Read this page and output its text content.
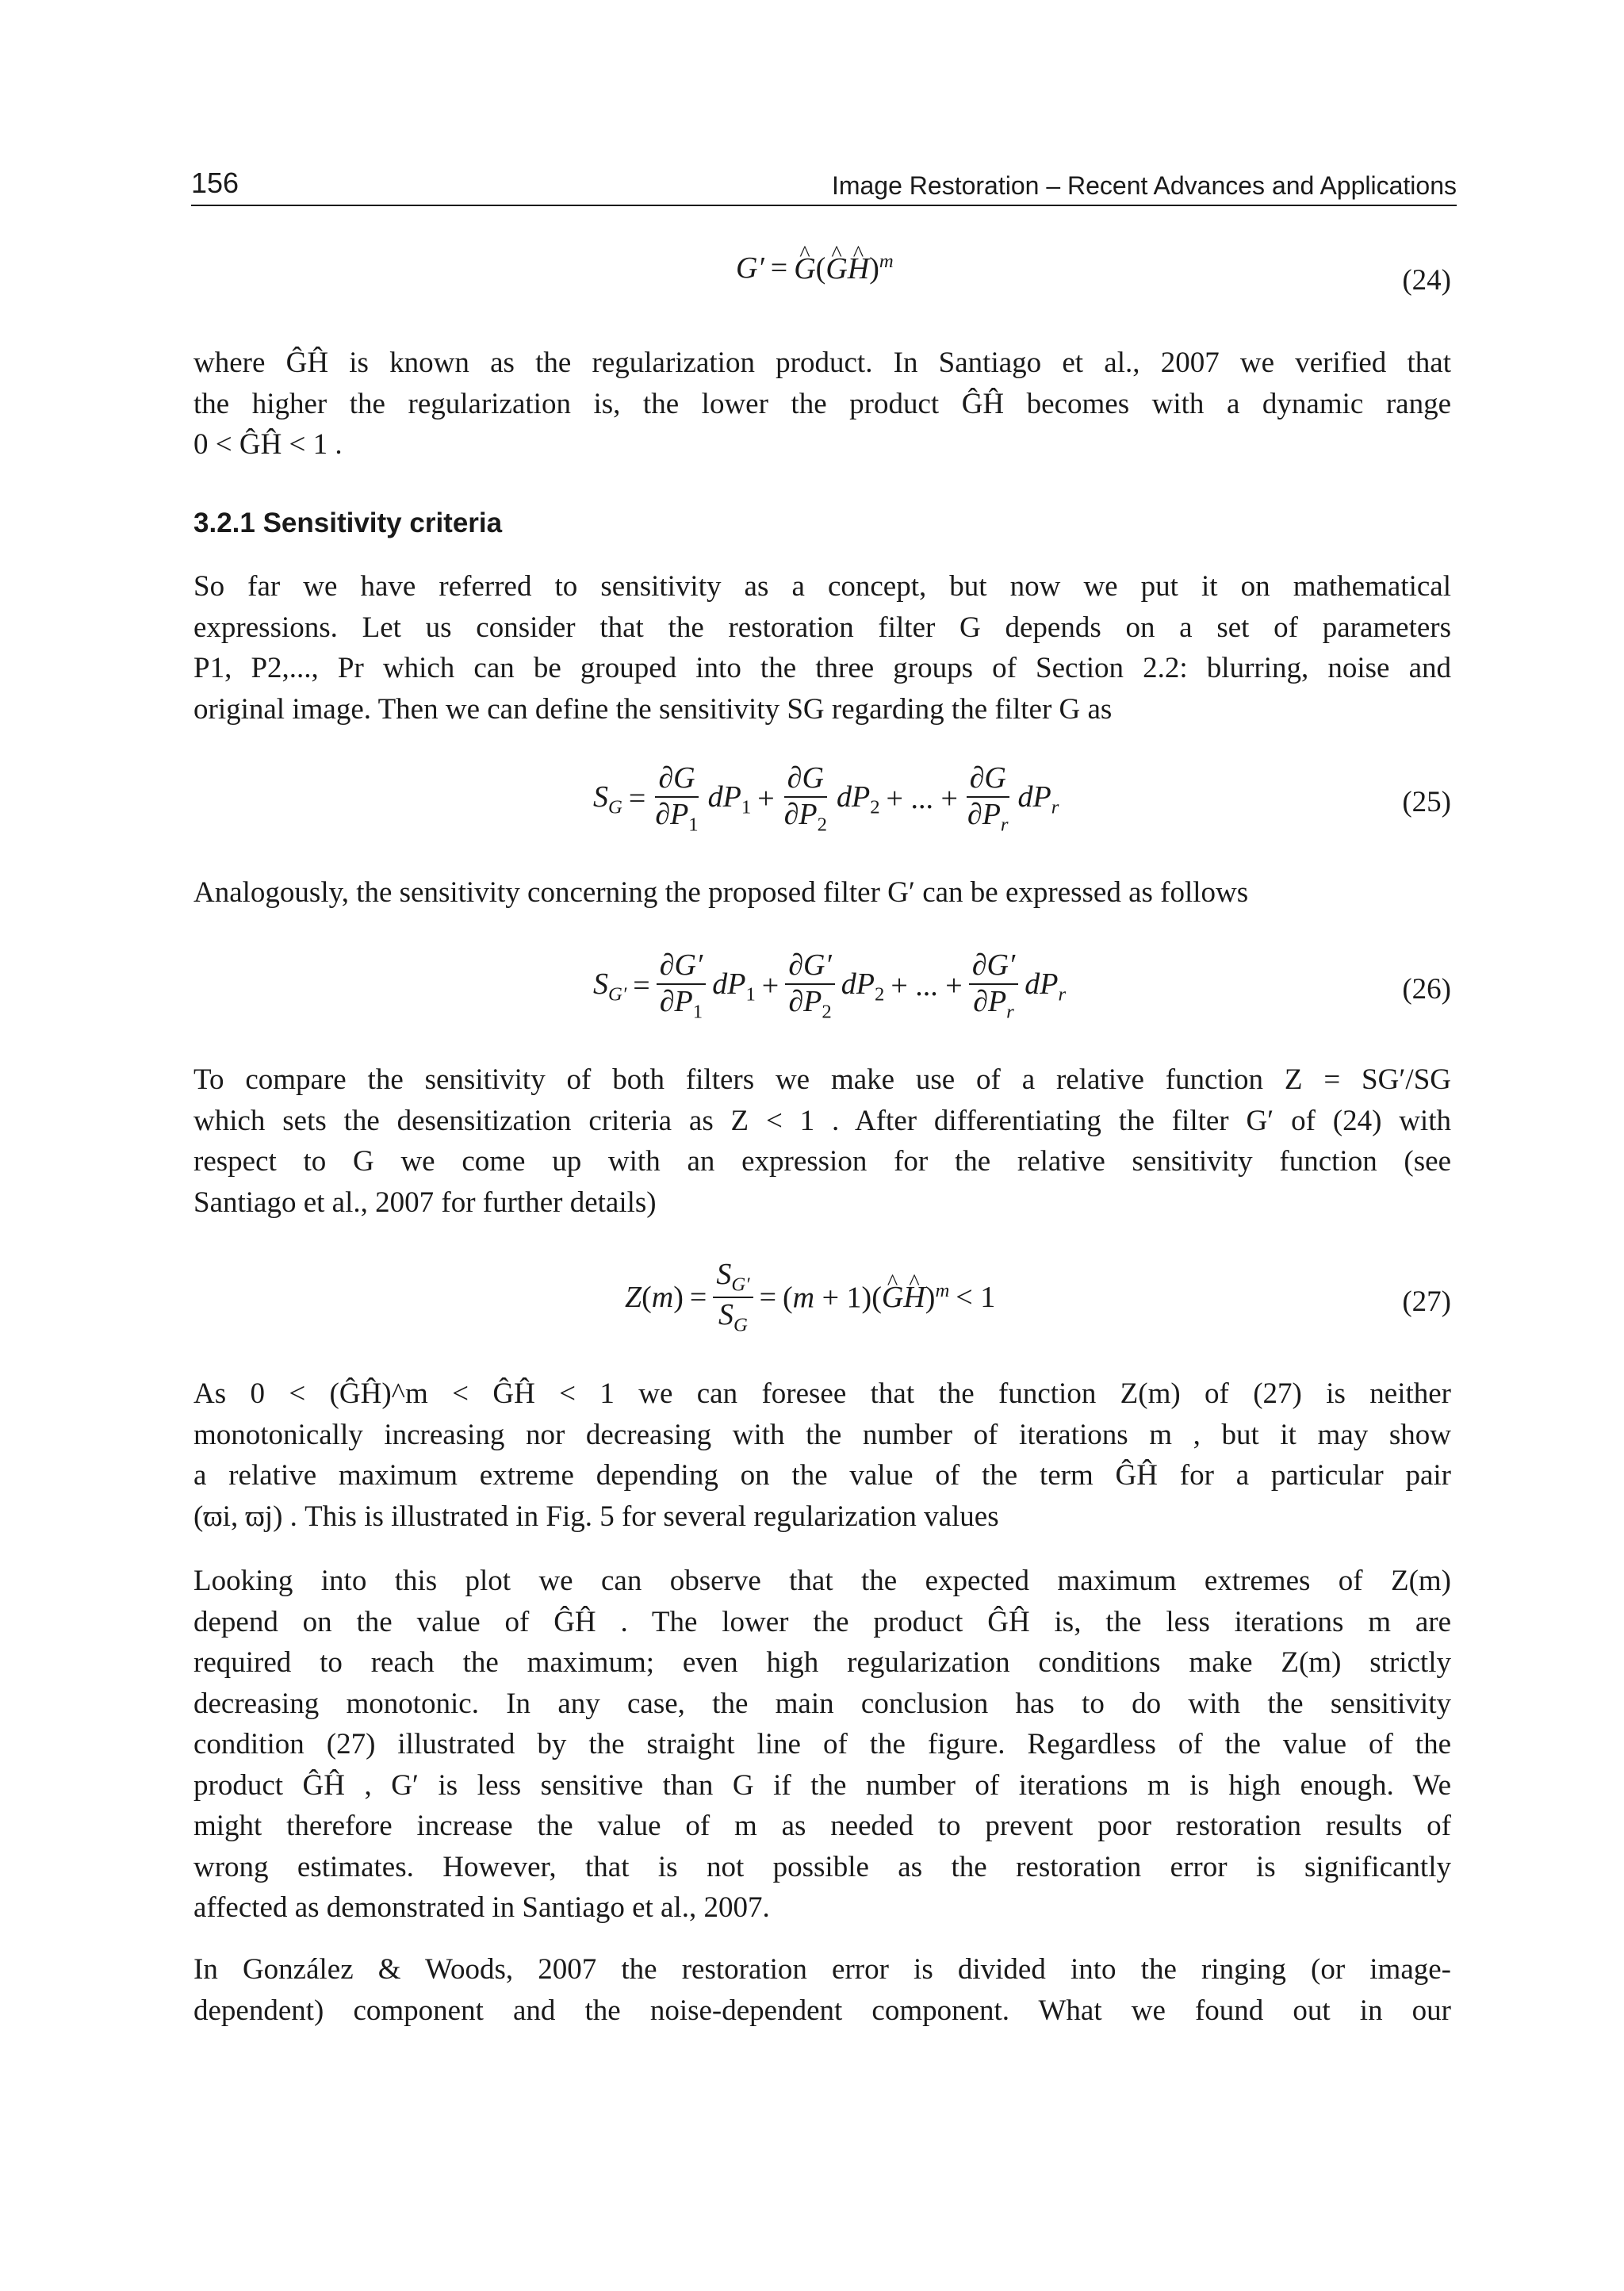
156	Image Restoration – Recent Advances and Applications
G′ =
^ G(^ G^ H)$^m$
(24)
where ĜĤ is known as the regularization product. In Santiago et al., 2007 we verified that
the higher the regularization is, the lower the product ĜĤ becomes with a dynamic range
0 < ĜĤ < 1 .
3.2.1 Sensitivity criteria
So far we have referred to sensitivity as a concept, but now we put it on mathematical
expressions. Let us consider that the restoration filter G depends on a set of parameters
P1, P2,..., Pr which can be grouped into the three groups of Section 2.2: blurring, noise and
original image. Then we can define the sensitivity SG regarding the filter G as
$S_G = \frac{\partial G}{\partial P_1} dP_1 + \frac{\partial G}{\partial P_2} dP_2$ + ... + $\frac{\partial G}{\partial P_r} dP_r$	(25)
Analogously, the sensitivity concerning the proposed filter G′ can be expressed as follows
$S_{G'} = \frac{\partial G'}{\partial P_1} dP_1 + \frac{\partial G'}{\partial P_2} dP_2$ + ... + $\frac{\partial G'}{\partial P_r} dP_r$	(26)
To compare the sensitivity of both filters we make use of a relative function Z = SG′/SG
which sets the desensitization criteria as Z < 1 . After differentiating the filter G′ of (24) with
respect to G we come up with an expression for the relative sensitivity function (see
Santiago et al., 2007 for further details)
$Z(m) = \frac{S_{G'}}{S_G} = (m$ + 1)(^ G^ H)$^m$ < 1	(27)
As 0 < (ĜĤ)^m < ĜĤ < 1 we can foresee that the function Z(m) of (27) is neither
monotonically increasing nor decreasing with the number of iterations m , but it may show
a relative maximum extreme depending on the value of the term ĜĤ for a particular pair
(ϖi, ϖj) . This is illustrated in Fig. 5 for several regularization values
Looking into this plot we can observe that the expected maximum extremes of Z(m)
depend on the value of ĜĤ . The lower the product ĜĤ is, the less iterations m are
required to reach the maximum; even high regularization conditions make Z(m) strictly
decreasing monotonic. In any case, the main conclusion has to do with the sensitivity
condition (27) illustrated by the straight line of the figure. Regardless of the value of the
product ĜĤ , G′ is less sensitive than G if the number of iterations m is high enough. We
might therefore increase the value of m as needed to prevent poor restoration results of
wrong estimates. However, that is not possible as the restoration error is significantly
affected as demonstrated in Santiago et al., 2007.
In González & Woods, 2007 the restoration error is divided into the ringing (or image-
dependent) component and the noise-dependent component. What we found out in our
